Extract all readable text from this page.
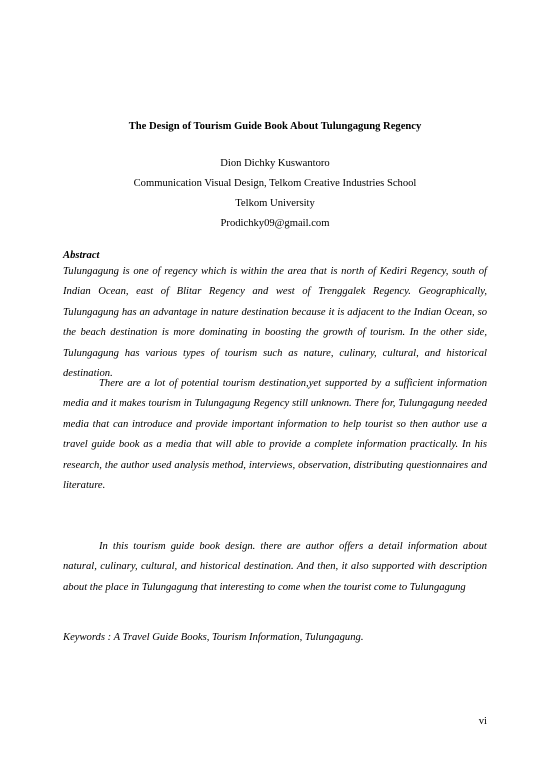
The Design of Tourism Guide Book About Tulungagung Regency
Dion Dichky Kuswantoro
Communication Visual Design, Telkom Creative Industries School
Telkom University
Prodichky09@gmail.com
Abstract

Tulungagung is one of regency which is within the area that is north of Kediri Regency, south of Indian Ocean, east of Blitar Regency and west of Trenggalek Regency. Geographically, Tulungagung has an advantage in nature destination because it is adjacent to the Indian Ocean, so the beach destination is more dominating in boosting the growth of tourism. In the other side, Tulungagung has various types of tourism such as nature, culinary, cultural, and historical destination.

There are a lot of potential tourism destination,yet supported by a sufficient information media and it makes tourism in Tulungagung Regency still unknown. There for, Tulungagung needed media that can introduce and provide important information to help tourist so then author use a travel guide book as a media that will able to provide a complete information practically. In his research, the author used analysis method, interviews, observation, distributing questionnaires and literature.

In this tourism guide book design. there are author offers a detail information about natural, culinary, cultural, and historical destination. And then, it also supported with description about the place in Tulungagung that interesting to come when the tourist come to Tulungagung

Keywords : A Travel Guide Books, Tourism Information, Tulungagung.
vi
